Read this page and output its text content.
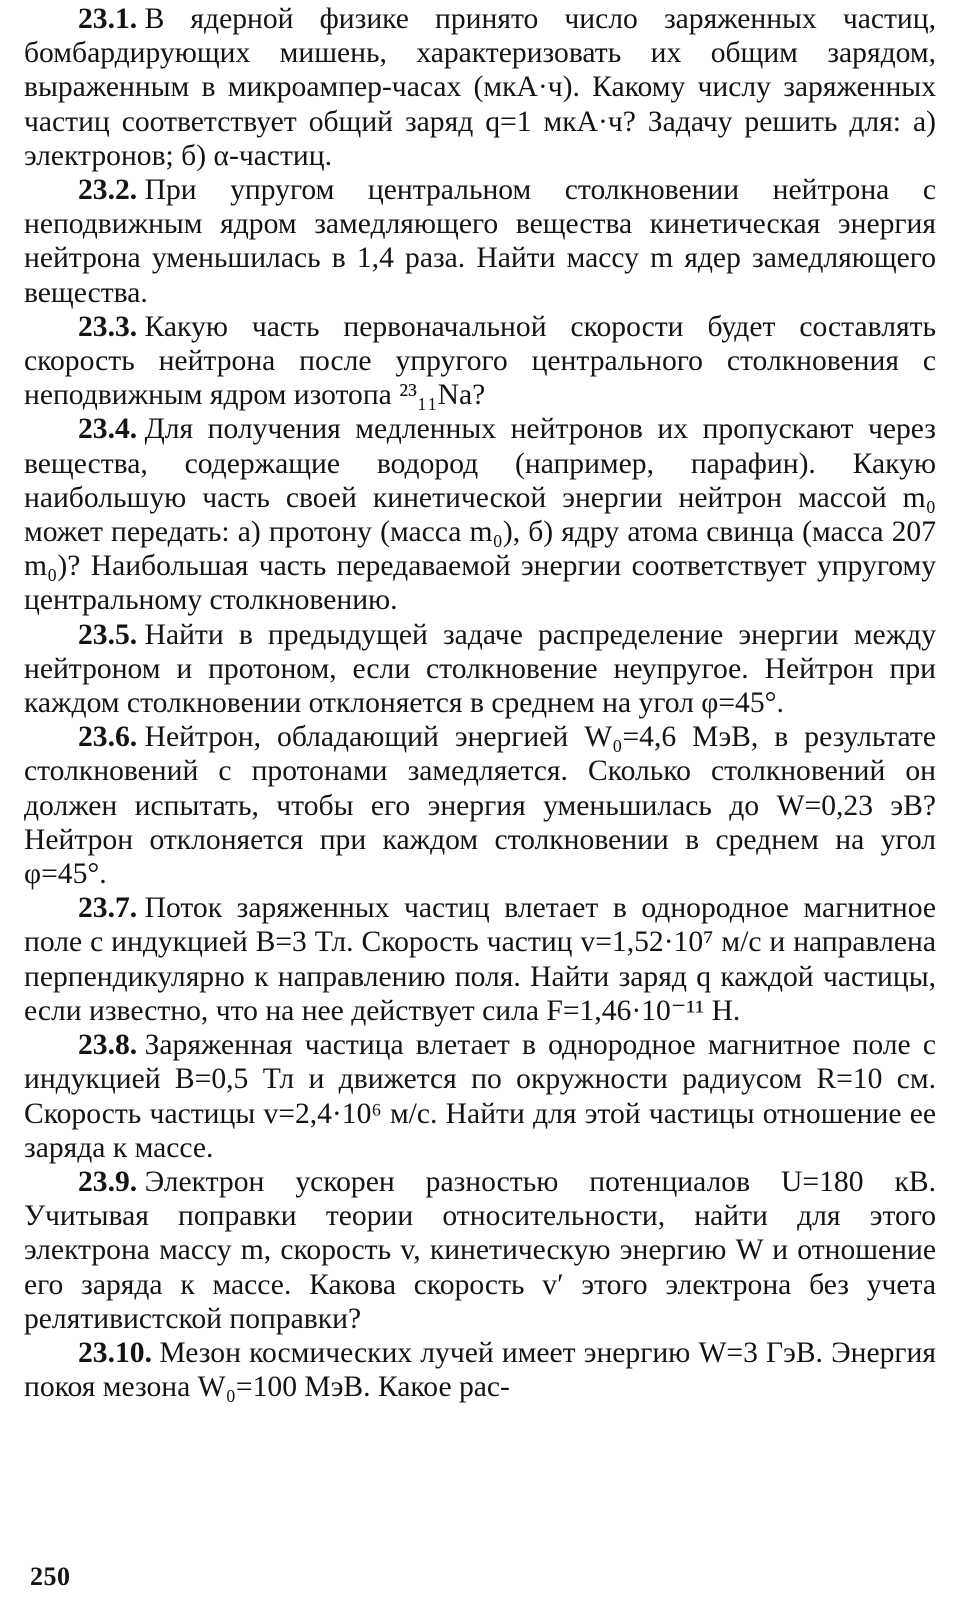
23.1. В ядерной физике принято число заряженных частиц, бомбардирующих мишень, характеризовать их общим зарядом, выраженным в микроампер-часах (мкА·ч). Какому числу заряженных частиц соответствует общий заряд q=1 мкА·ч? Задачу решить для: а) электронов; б) α-частиц.

23.2. При упругом центральном столкновении нейтрона с неподвижным ядром замедляющего вещества кинетическая энергия нейтрона уменьшилась в 1,4 раза. Найти массу m ядер замедляющего вещества.

23.3. Какую часть первоначальной скорости будет составлять скорость нейтрона после упругого центрального столкновения с неподвижным ядром изотопа ²³₁₁Na?

23.4. Для получения медленных нейтронов их пропускают через вещества, содержащие водород (например, парафин). Какую наибольшую часть своей кинетической энергии нейтрон массой m₀ может передать: а) протону (масса m₀), б) ядру атома свинца (масса 207 m₀)? Наибольшая часть передаваемой энергии соответствует упругому центральному столкновению.

23.5. Найти в предыдущей задаче распределение энергии между нейтроном и протоном, если столкновение неупругое. Нейтрон при каждом столкновении отклоняется в среднем на угол φ=45°.

23.6. Нейтрон, обладающий энергией W₀=4,6 МэВ, в результате столкновений с протонами замедляется. Сколько столкновений он должен испытать, чтобы его энергия уменьшилась до W=0,23 эВ? Нейтрон отклоняется при каждом столкновении в среднем на угол φ=45°.

23.7. Поток заряженных частиц влетает в однородное магнитное поле с индукцией B=3 Тл. Скорость частиц v=1,52·10⁷ м/с и направлена перпендикулярно к направлению поля. Найти заряд q каждой частицы, если известно, что на нее действует сила F=1,46·10⁻¹¹ Н.

23.8. Заряженная частица влетает в однородное магнитное поле с индукцией B=0,5 Тл и движется по окружности радиусом R=10 см. Скорость частицы v=2,4·10⁶ м/с. Найти для этой частицы отношение ее заряда к массе.

23.9. Электрон ускорен разностью потенциалов U=180 кВ. Учитывая поправки теории относительности, найти для этого электрона массу m, скорость v, кинетическую энергию W и отношение его заряда к массе. Какова скорость v′ этого электрона без учета релятивистской поправки?

23.10. Мезон космических лучей имеет энергию W=3 ГэВ. Энергия покоя мезона W₀=100 МэВ. Какое рас-

250
